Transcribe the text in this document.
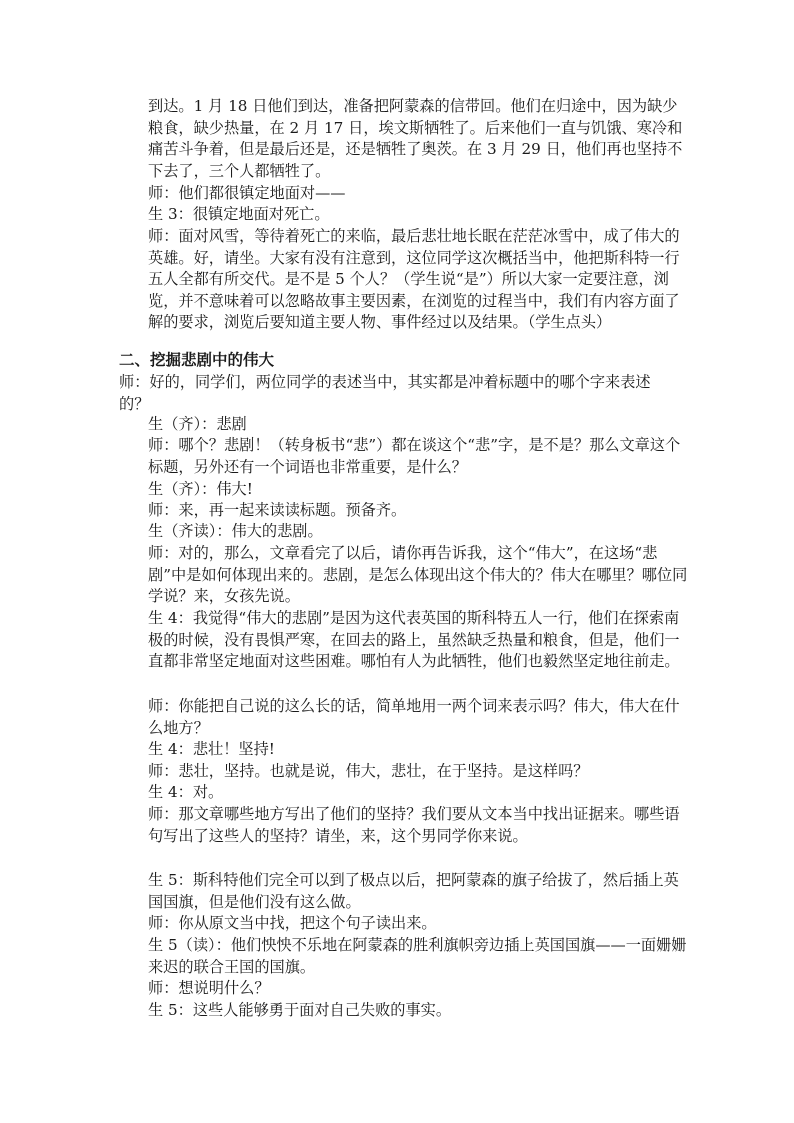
到达。1 月 18 日他们到达，准备把阿蒙森的信带回。他们在归途中，因为缺少粮食，缺少热量，在 2 月 17 日，埃文斯牺牲了。后来他们一直与饥饿、寒冷和痛苦斗争着，但是最后还是，还是牺牲了奥茨。在 3 月 29 日，他们再也坚持不下去了，三个人都牺牲了。

师：他们都很镇定地面对——

生 3：很镇定地面对死亡。

师：面对风雪，等待着死亡的来临，最后悲壮地长眠在茫茫冰雪中，成了伟大的英雄。好，请坐。大家有没有注意到，这位同学这次概括当中，他把斯科特一行五人全都有所交代。是不是 5 个人？（学生说“是”）所以大家一定要注意，浏览，并不意味着可以忽略故事主要因素，在浏览的过程当中，我们有内容方面了解的要求，浏览后要知道主要人物、事件经过以及结果。（学生点头）

二、挖掘悲剧中的伟大

师：好的，同学们，两位同学的表述当中，其实都是冲着标题中的哪个字来表述的？

生（齐）：悲剧

师：哪个？悲剧！（转身板书“悲”）都在谈这个“悲”字，是不是？那么文章这个标题，另外还有一个词语也非常重要，是什么？

生（齐）：伟大!

师：来，再一起来读读标题。预备齐。

生（齐读）：伟大的悲剧。

师：对的，那么，文章看完了以后，请你再告诉我，这个“伟大”，在这场“悲剧”中是如何体现出来的。悲剧，是怎么体现出这个伟大的？伟大在哪里？哪位同学说？来，女孩先说。

生 4：我觉得“伟大的悲剧”是因为这代表英国的斯科特五人一行，他们在探索南极的时候，没有畏惧严寒，在回去的路上，虽然缺乏热量和粮食，但是，他们一直都非常坚定地面对这些困难。哪怕有人为此牺牲，他们也毅然坚定地往前走。

师：你能把自己说的这么长的话，简单地用一两个词来表示吗？伟大，伟大在什么地方？

生 4：悲壮！坚持!

师：悲壮，坚持。也就是说，伟大，悲壮，在于坚持。是这样吗？

生 4：对。

师：那文章哪些地方写出了他们的坚持？我们要从文本当中找出证据来。哪些语句写出了这些人的坚持？请坐，来，这个男同学你来说。

生 5：斯科特他们完全可以到了极点以后，把阿蒙森的旗子给拔了，然后插上英国国旗，但是他们没有这么做。

师：你从原文当中找，把这个句子读出来。

生 5（读）：他们怏怏不乐地在阿蒙森的胜利旗帜旁边插上英国国旗——一面姗姗来迟的联合王国的国旗。

师：想说明什么？

生 5：这些人能够勇于面对自己失败的事实。
